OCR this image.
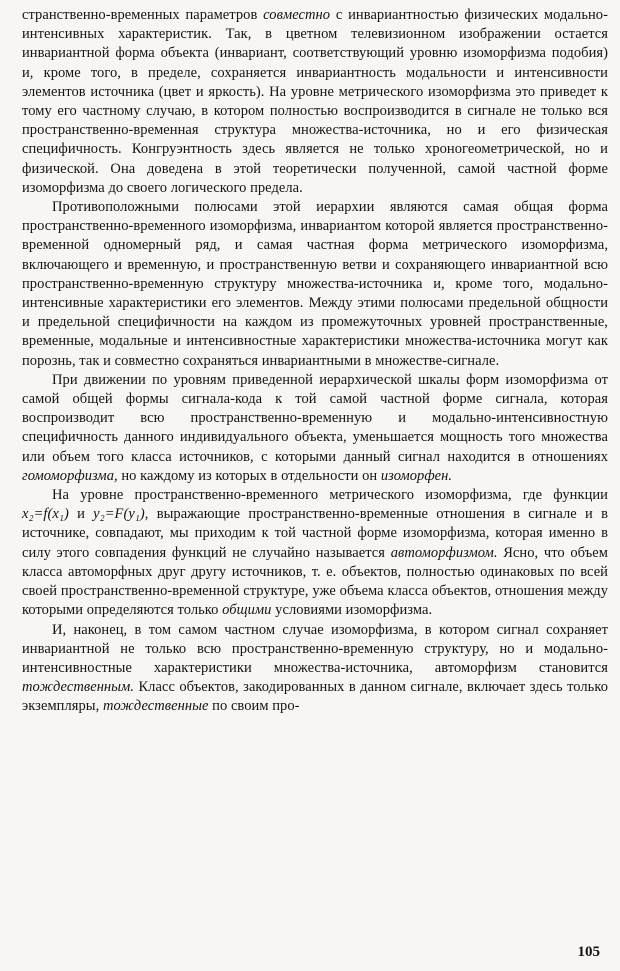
странственно-временных параметров совместно с инвариантностью физических модально-интенсивных характеристик. Так, в цветном телевизионном изображении остается инвариантной форма объекта (инвариант, соответствующий уровню изоморфизма подобия) и, кроме того, в пределе, сохраняется инвариантность модальности и интенсивности элементов источника (цвет и яркость). На уровне метрического изоморфизма это приведет к тому его частному случаю, в котором полностью воспроизводится в сигнале не только вся пространственно-временная структура множества-источника, но и его физическая специфичность. Конгруэнтность здесь является не только хроногеометрической, но и физической. Она доведена в этой теоретически полученной, самой частной форме изоморфизма до своего логического предела.

Противоположными полюсами этой иерархии являются самая общая форма пространственно-временного изоморфизма, инвариантом которой является пространственно-временной одномерный ряд, и самая частная форма метрического изоморфизма, включающего и временную, и пространственную ветви и сохраняющего инвариантной всю пространственно-временную структуру множества-источника и, кроме того, модально-интенсивные характеристики его элементов. Между этими полюсами предельной общности и предельной специфичности на каждом из промежуточных уровней пространственные, временные, модальные и интенсивностные характеристики множества-источника могут как порознь, так и совместно сохраняться инвариантными в множестве-сигнале.

При движении по уровням приведенной иерархической шкалы форм изоморфизма от самой общей формы сигнала-кода к той самой частной форме сигнала, которая воспроизводит всю пространственно-временную и модально-интенсивностную специфичность данного индивидуального объекта, уменьшается мощность того множества или объем того класса источников, с которыми данный сигнал находится в отношениях гомоморфизма, но каждому из которых в отдельности он изоморфен.

На уровне пространственно-временного метрического изоморфизма, где функции x₂=f(x₁) и y₂=F(y₁), выражающие пространственно-временные отношения в сигнале и в источнике, совпадают, мы приходим к той частной форме изоморфизма, которая именно в силу этого совпадения функций не случайно называется автоморфизмом. Ясно, что объем класса автоморфных друг другу источников, т. е. объектов, полностью одинаковых по всей своей пространственно-временной структуре, уже объема класса объектов, отношения между которыми определяются только общими условиями изоморфизма.

И, наконец, в том самом частном случае изоморфизма, в котором сигнал сохраняет инвариантной не только всю пространственно-временную структуру, но и модально-интенсивностные характеристики множества-источника, автоморфизм становится тождественным. Класс объектов, закодированных в данном сигнале, включает здесь только экземпляры, тождественные по своим про-

105
